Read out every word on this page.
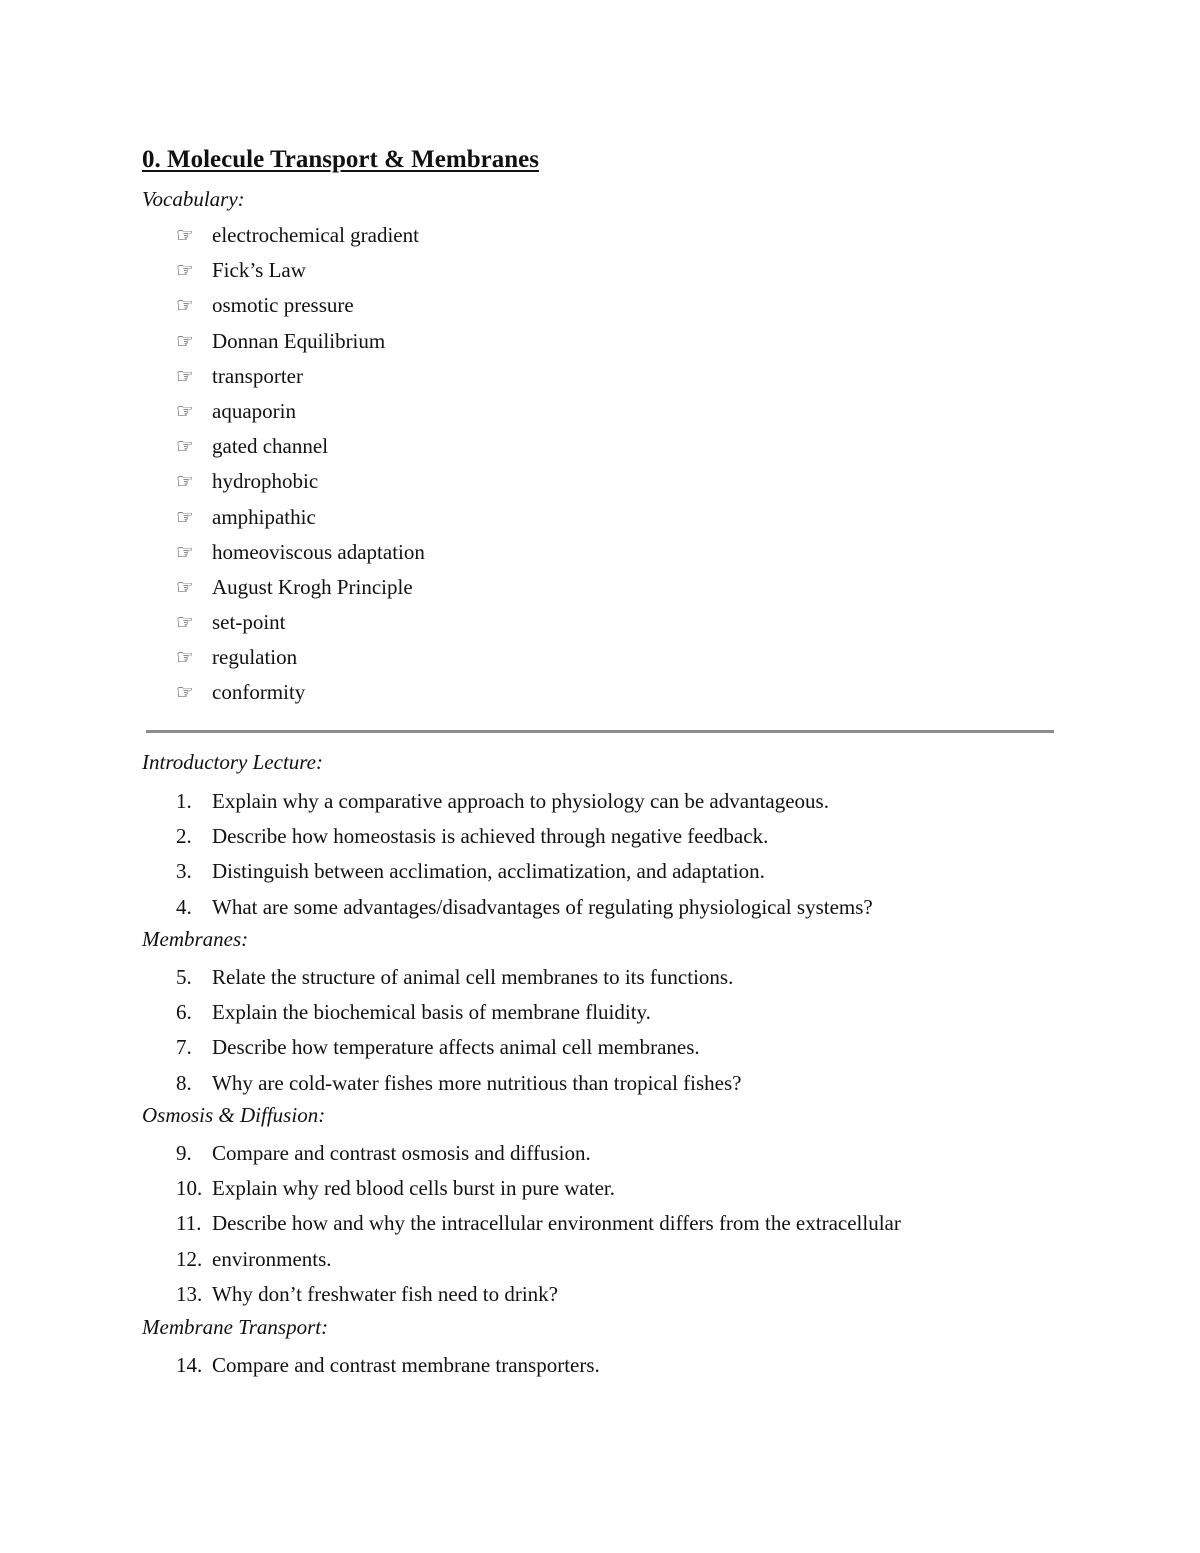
0. Molecule Transport & Membranes
Vocabulary:
☞ electrochemical gradient
☞ Fick’s Law
☞ osmotic pressure
☞ Donnan Equilibrium
☞ transporter
☞ aquaporin
☞ gated channel
☞ hydrophobic
☞ amphipathic
☞ homeoviscous adaptation
☞ August Krogh Principle
☞ set-point
☞ regulation
☞ conformity
Introductory Lecture:
1. Explain why a comparative approach to physiology can be advantageous.
2. Describe how homeostasis is achieved through negative feedback.
3. Distinguish between acclimation, acclimatization, and adaptation.
4. What are some advantages/disadvantages of regulating physiological systems?
Membranes:
5. Relate the structure of animal cell membranes to its functions.
6. Explain the biochemical basis of membrane fluidity.
7. Describe how temperature affects animal cell membranes.
8. Why are cold-water fishes more nutritious than tropical fishes?
Osmosis & Diffusion:
9. Compare and contrast osmosis and diffusion.
10. Explain why red blood cells burst in pure water.
11. Describe how and why the intracellular environment differs from the extracellular
12. environments.
13. Why don’t freshwater fish need to drink?
Membrane Transport:
14. Compare and contrast membrane transporters.
